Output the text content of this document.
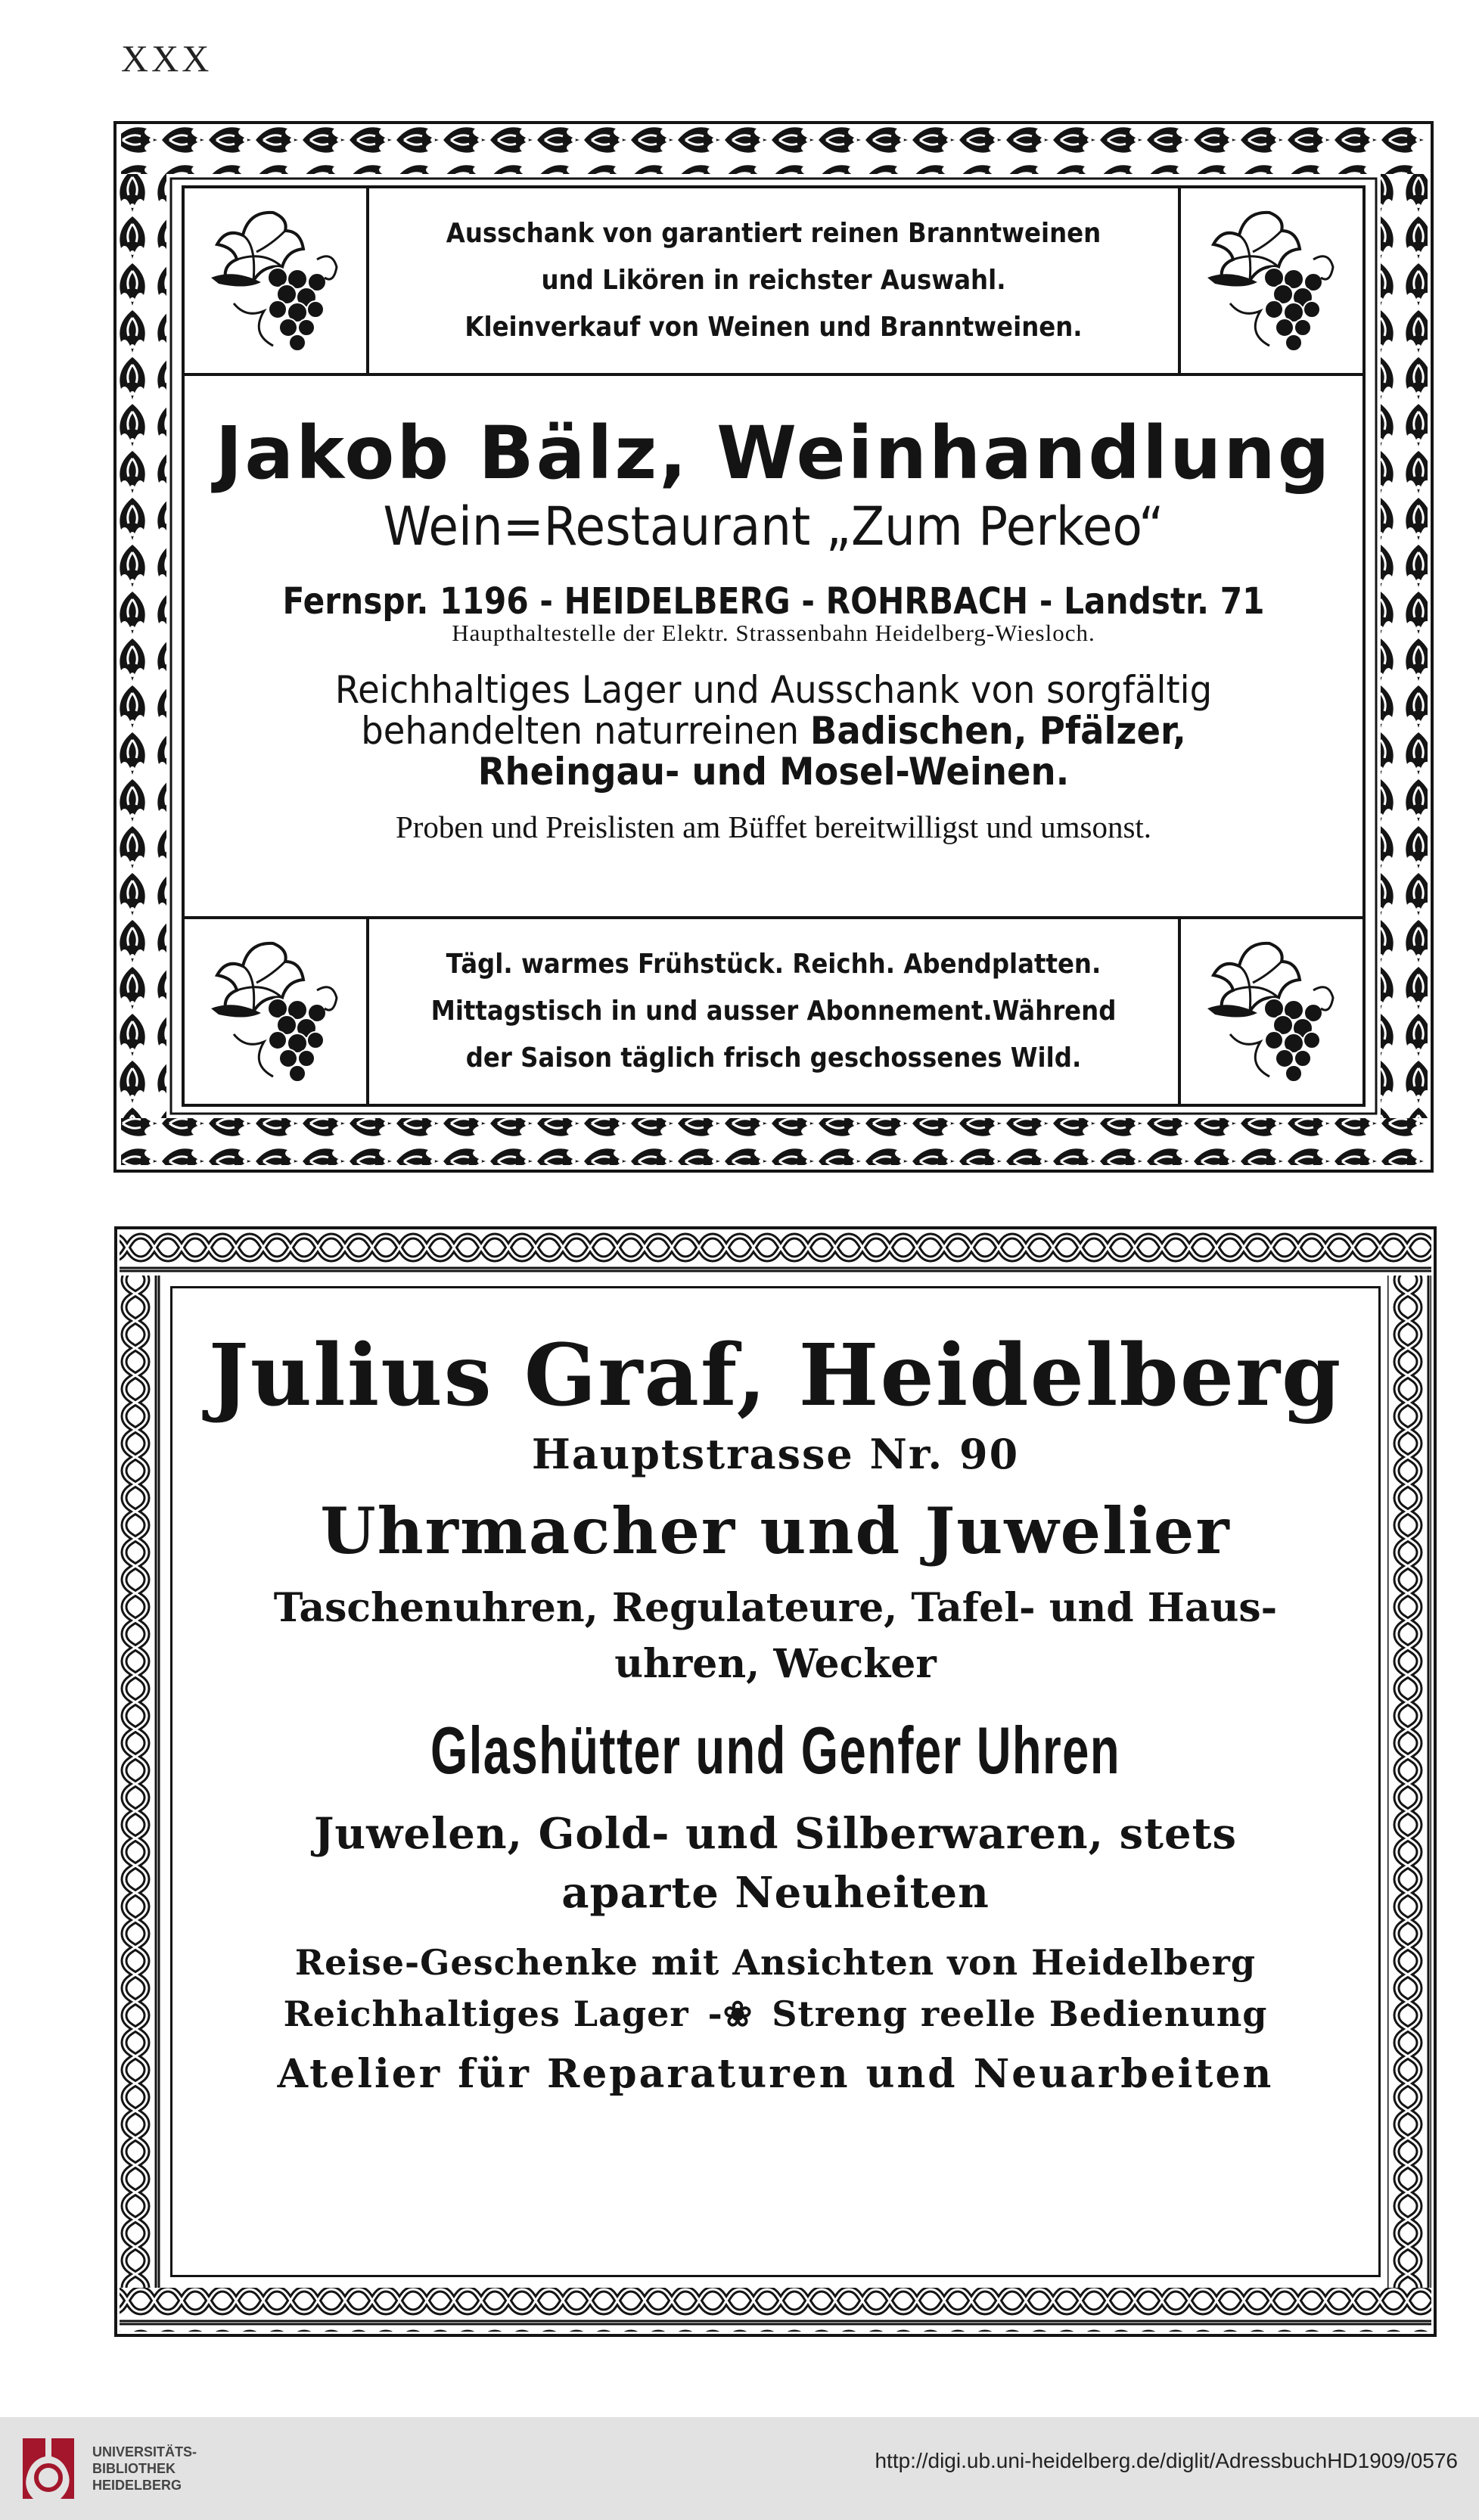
XXX
Ausschank von garantiert reinen Branntweinen
und Likören in reichster Auswahl.
Kleinverkauf von Weinen und Branntweinen.
Jakob Bälz, Weinhandlung
Wein=Restaurant „Zum Perkeo“
Fernspr. 1196 - HEIDELBERG - ROHRBACH - Landstr. 71
Haupthaltestelle der Elektr. Strassenbahn Heidelberg-Wiesloch.
Reichhaltiges Lager und Ausschank von sorgfältig
behandelten naturreinen Badischen, Pfälzer,
Rheingau- und Mosel-Weinen.
Proben und Preislisten am Büffet bereitwilligst und umsonst.
Tägl. warmes Frühstück. Reichh. Abendplatten.
Mittagstisch in und ausser Abonnement.Während
der Saison täglich frisch geschossenes Wild.
Julius Graf, Heidelberg
Hauptstrasse Nr. 90
Uhrmacher und Juwelier
Taschenuhren, Regulateure, Tafel- und Haus-
uhren, Wecker
Glashütter und Genfer Uhren
Juwelen, Gold- und Silberwaren, stets
aparte Neuheiten
Reise-Geschenke mit Ansichten von Heidelberg
Reichhaltiges Lager -❀ Streng reelle Bedienung
Atelier für Reparaturen und Neuarbeiten
UNIVERSITÄTS-
BIBLIOTHEK
HEIDELBERG
http://digi.ub.uni-heidelberg.de/diglit/AdressbuchHD1909/0576
